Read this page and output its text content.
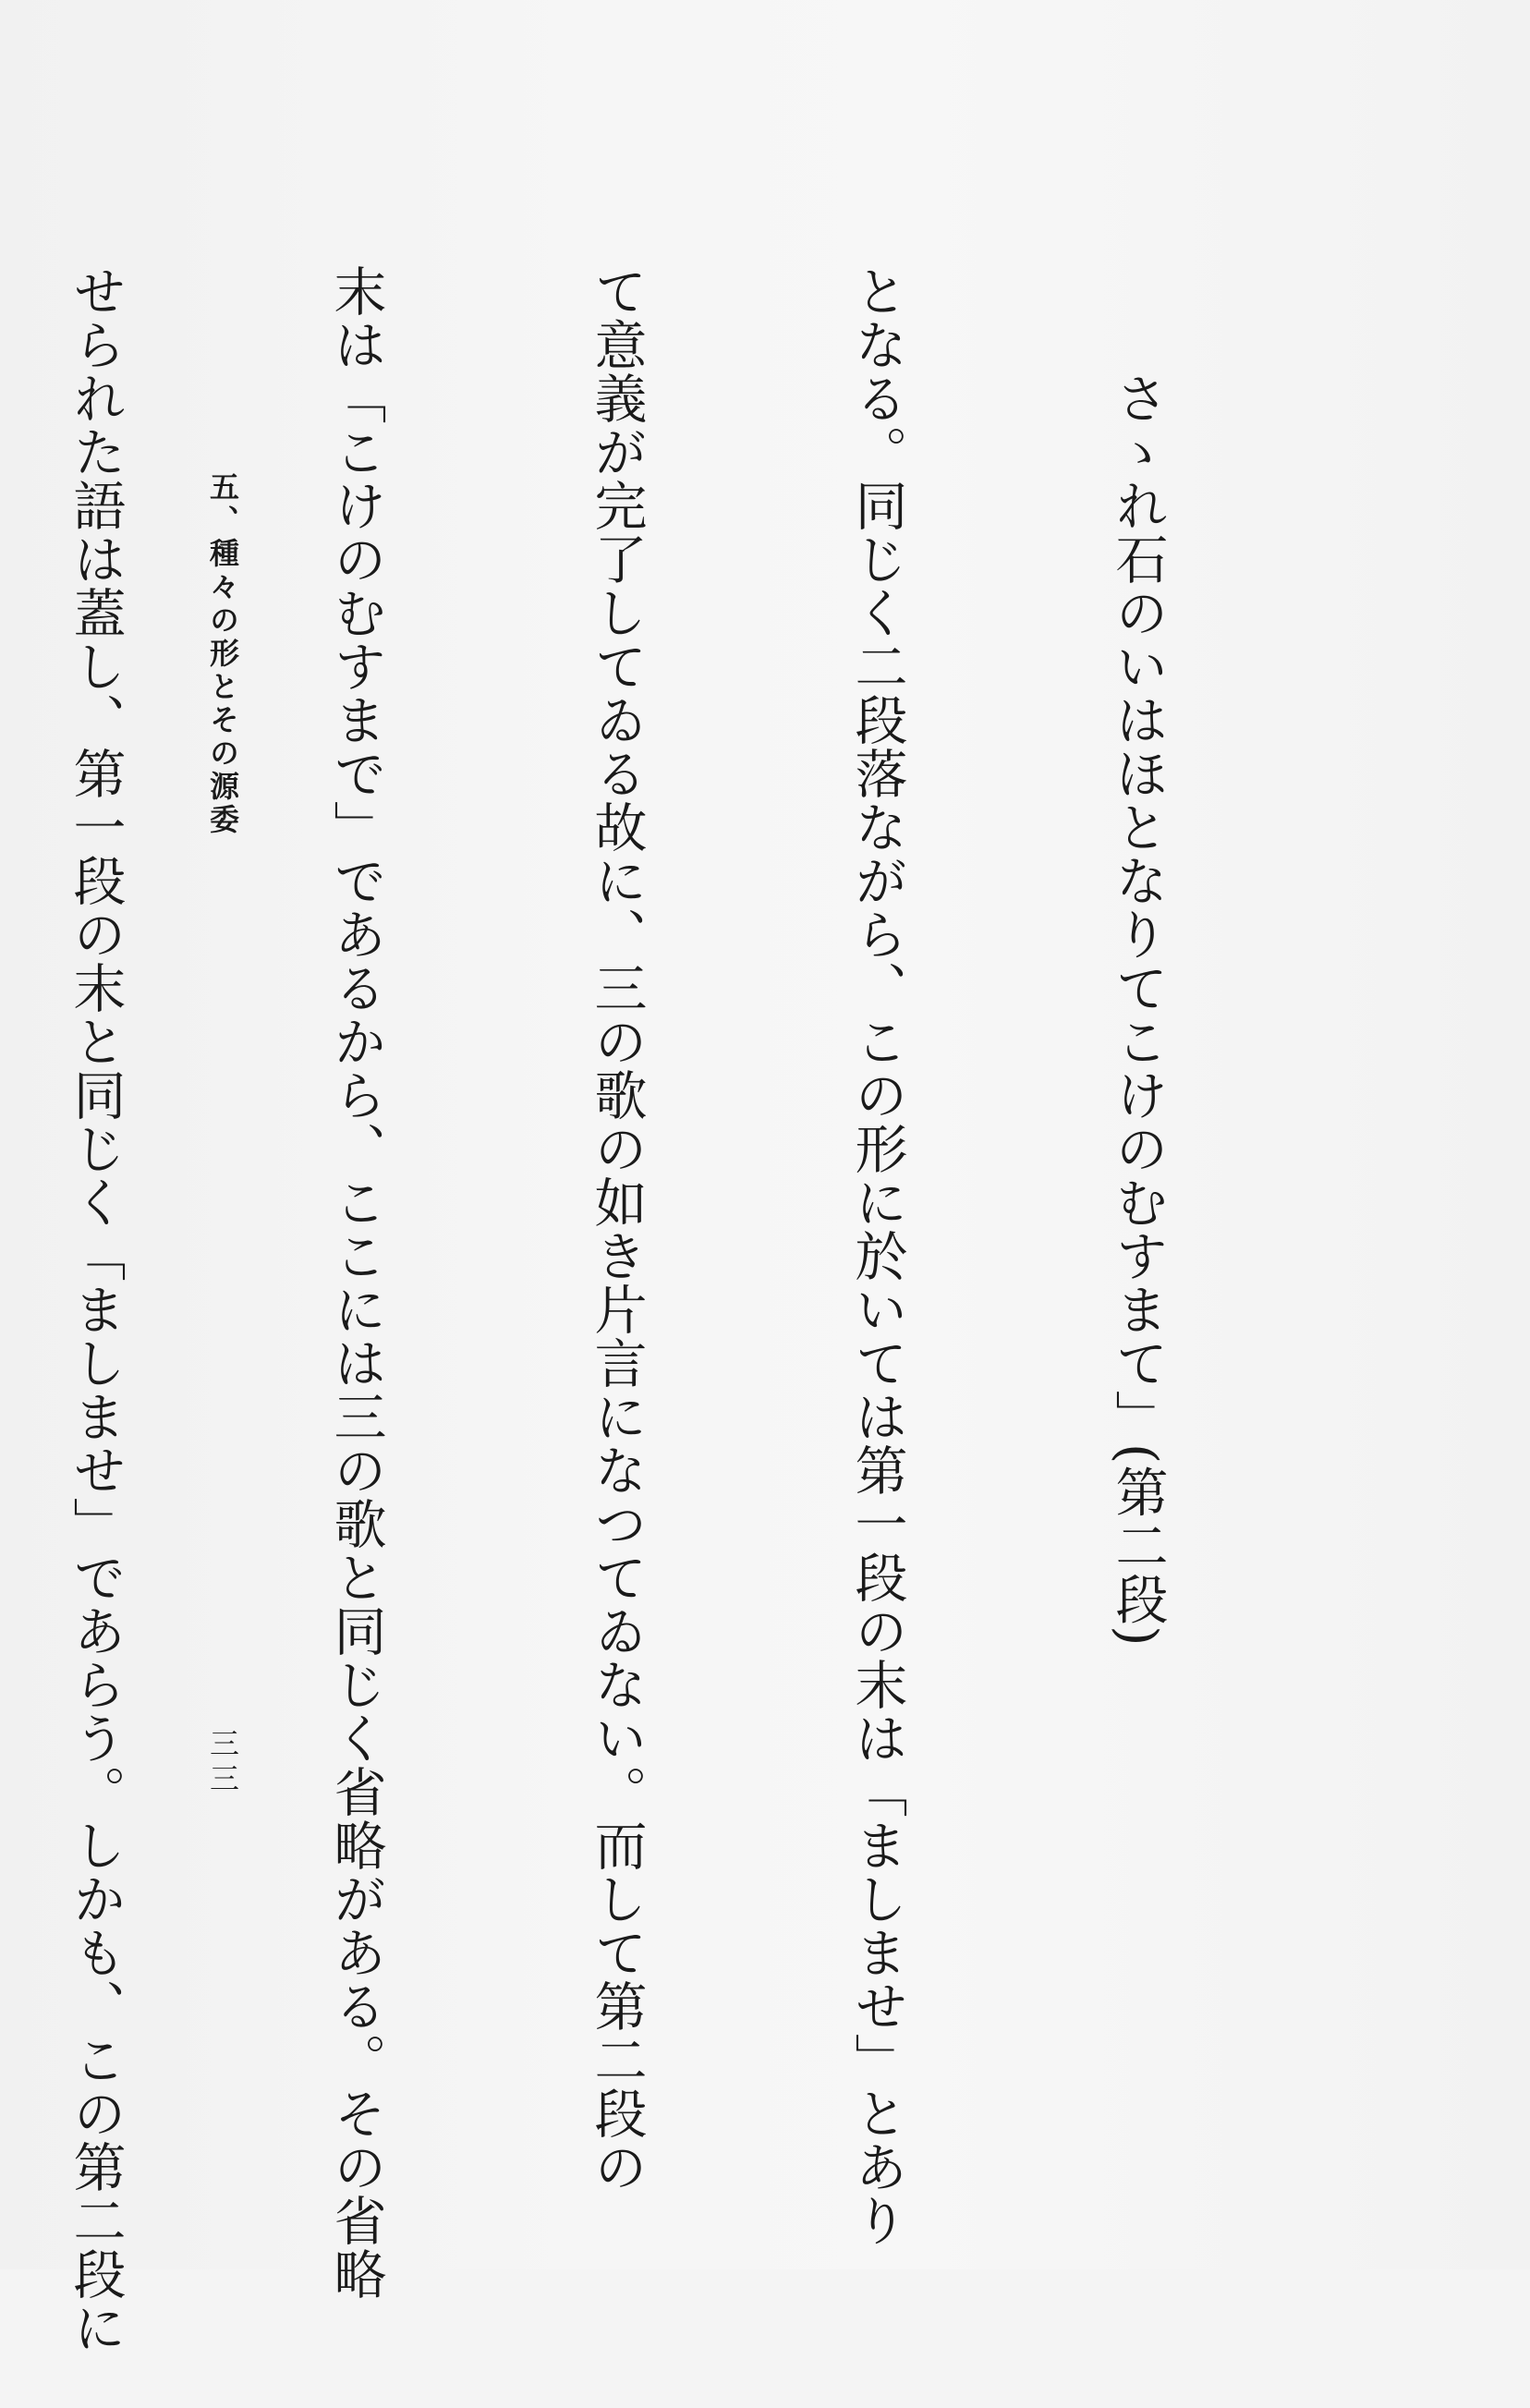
さゝれ石のいはほとなりてこけのむすまて」(第二段)

となる。同じく二段落ながら、この形に於いては第一段の末は「ましませ」とあり

て意義が完了してゐる故に、三の歌の如き片言になつてゐない。而して第二段の

末は「こけのむすまで」であるから、ここには三の歌と同じく省略がある。その省略

せられた語は蓋し、第一段の末と同じく「ましませ」であらう。しかも、この第二段に

	五、種々の形とその源委
三三
